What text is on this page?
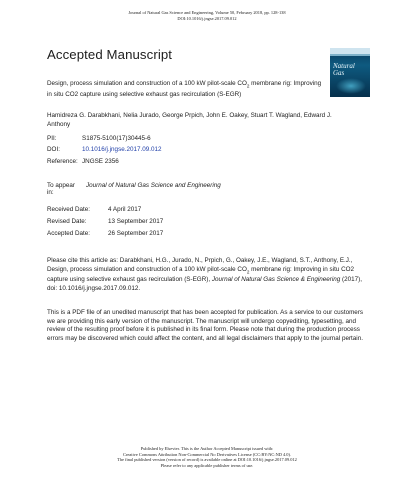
Journal of Natural Gas Science and Engineering, Volume 50, February 2018, pp. 128-138
DOI:10.1016/j.jngse.2017.09.012
Accepted Manuscript
Natural
Gas
Design, process simulation and construction of a 100 kW pilot-scale $CO_2$ membrane rig: Improving in situ CO2 capture using selective exhaust gas recirculation (S-EGR)
Hamidreza G. Darabkhani, Nelia Jurado, George Prpich, John E. Oakey, Stuart T. Wagland, Edward J. Anthony
PII:	S1875-5100(17)30445-6
DOI:	10.1016/j.jngse.2017.09.012
Reference: JNGSE 2356
To appear in:
Journal of Natural Gas Science and Engineering
Received Date:	4 April 2017
Revised Date:	13 September 2017
Accepted Date:	26 September 2017
Please cite this article as: Darabkhani, H.G., Jurado, N., Prpich, G., Oakey, J.E., Wagland, S.T., Anthony, E.J., Design, process simulation and construction of a 100 kW pilot-scale $CO_2$ membrane rig: Improving in situ CO2 capture using selective exhaust gas recirculation (S-EGR), Journal of Natural Gas Science & Engineering (2017), doi: 10.1016/j.jngse.2017.09.012.
This is a PDF file of an unedited manuscript that has been accepted for publication. As a service to our customers we are providing this early version of the manuscript. The manuscript will undergo copyediting, typesetting, and review of the resulting proof before it is published in its final form. Please note that during the production process errors may be discovered which could affect the content, and all legal disclaimers that apply to the journal pertain.
Published by Elsevier. This is the Author Accepted Manuscript issued with:
Creative Commons Attribution Non-Commercial No Derivatives License (CC:BY:NC:ND 4.0).
The final published version (version of record) is available online at DOI:10.1016/j.jngse.2017.09.012
Please refer to any applicable publisher terms of use.
